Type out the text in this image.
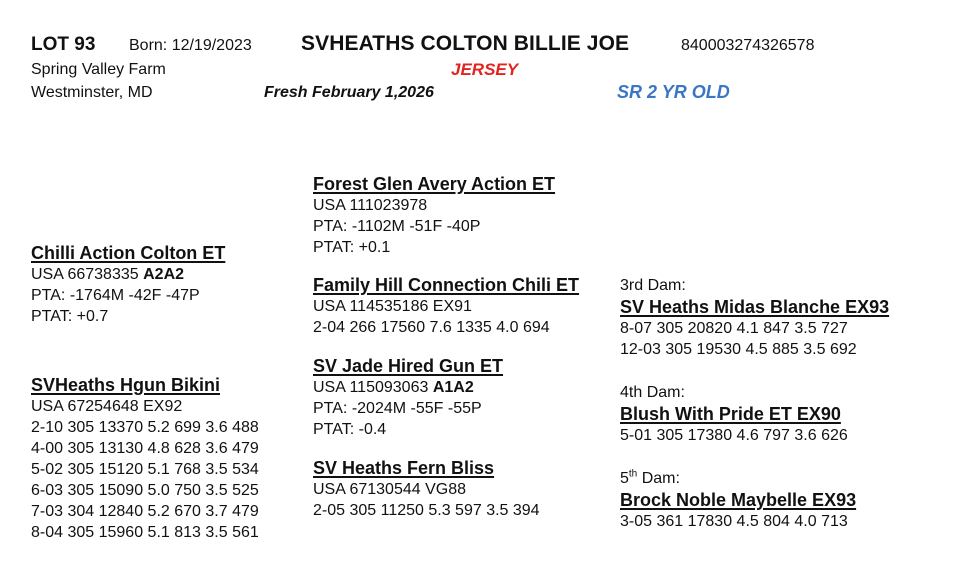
LOT 93 Born: 12/19/2023 SVHEATHS COLTON BILLIE JOE	840003274326578
Spring Valley Farm	JERSEY
Westminster, MD	Fresh February 1,2026	SR 2 YR OLD
Chilli Action Colton ET
USA 66738335 A2A2
PTA: -1764M -42F -47P
PTAT: +0.7
SVHeaths Hgun Bikini
USA 67254648 EX92
2-10 305 13370 5.2 699 3.6 488
4-00 305 13130 4.8 628 3.6 479
5-02 305 15120 5.1 768 3.5 534
6-03 305 15090 5.0 750 3.5 525
7-03 304 12840 5.2 670 3.7 479
8-04 305 15960 5.1 813 3.5 561
Forest Glen Avery Action ET
USA 111023978
PTA: -1102M -51F -40P
PTAT: +0.1
Family Hill Connection Chili ET
USA 114535186 EX91
2-04 266 17560 7.6 1335 4.0 694
SV Jade Hired Gun ET
USA 115093063 A1A2
PTA: -2024M -55F -55P
PTAT: -0.4
SV Heaths Fern Bliss
USA 67130544 VG88
2-05 305 11250 5.3 597 3.5 394
3rd Dam:
SV Heaths Midas Blanche EX93
8-07 305 20820 4.1 847 3.5 727
12-03 305 19530 4.5 885 3.5 692
4th Dam:
Blush With Pride ET EX90
5-01 305 17380 4.6 797 3.6 626
5th Dam:
Brock Noble Maybelle EX93
3-05 361 17830 4.5 804 4.0 713
